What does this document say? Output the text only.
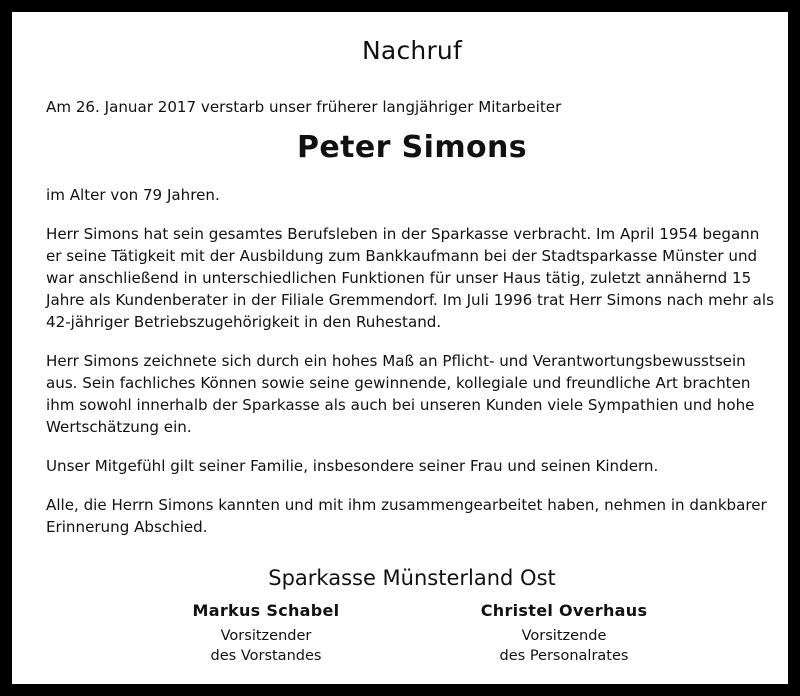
Nachruf

Am 26. Januar 2017 verstarb unser früherer langjähriger Mitarbeiter

Peter Simons

im Alter von 79 Jahren.

Herr Simons hat sein gesamtes Berufsleben in der Sparkasse verbracht. Im April 1954 begann er seine Tätigkeit mit der Ausbildung zum Bankkaufmann bei der Stadtsparkasse Münster und war anschließend in unterschiedlichen Funktionen für unser Haus tätig, zuletzt annähernd 15 Jahre als Kundenberater in der Filiale Gremmendorf. Im Juli 1996 trat Herr Simons nach mehr als 42-jähriger Betriebszugehörigkeit in den Ruhestand.

Herr Simons zeichnete sich durch ein hohes Maß an Pflicht- und Verantwortungsbewusstsein aus. Sein fachliches Können sowie seine gewinnende, kollegiale und freundliche Art brachten ihm sowohl innerhalb der Sparkasse als auch bei unseren Kunden viele Sympathien und hohe Wertschätzung ein.

Unser Mitgefühl gilt seiner Familie, insbesondere seiner Frau und seinen Kindern.

Alle, die Herrn Simons kannten und mit ihm zusammengearbeitet haben, nehmen in dankbarer Erinnerung Abschied.

Sparkasse Münsterland Ost

Markus Schabel

Vorsitzender
des Vorstandes

Christel Overhaus

Vorsitzende
des Personalrates
